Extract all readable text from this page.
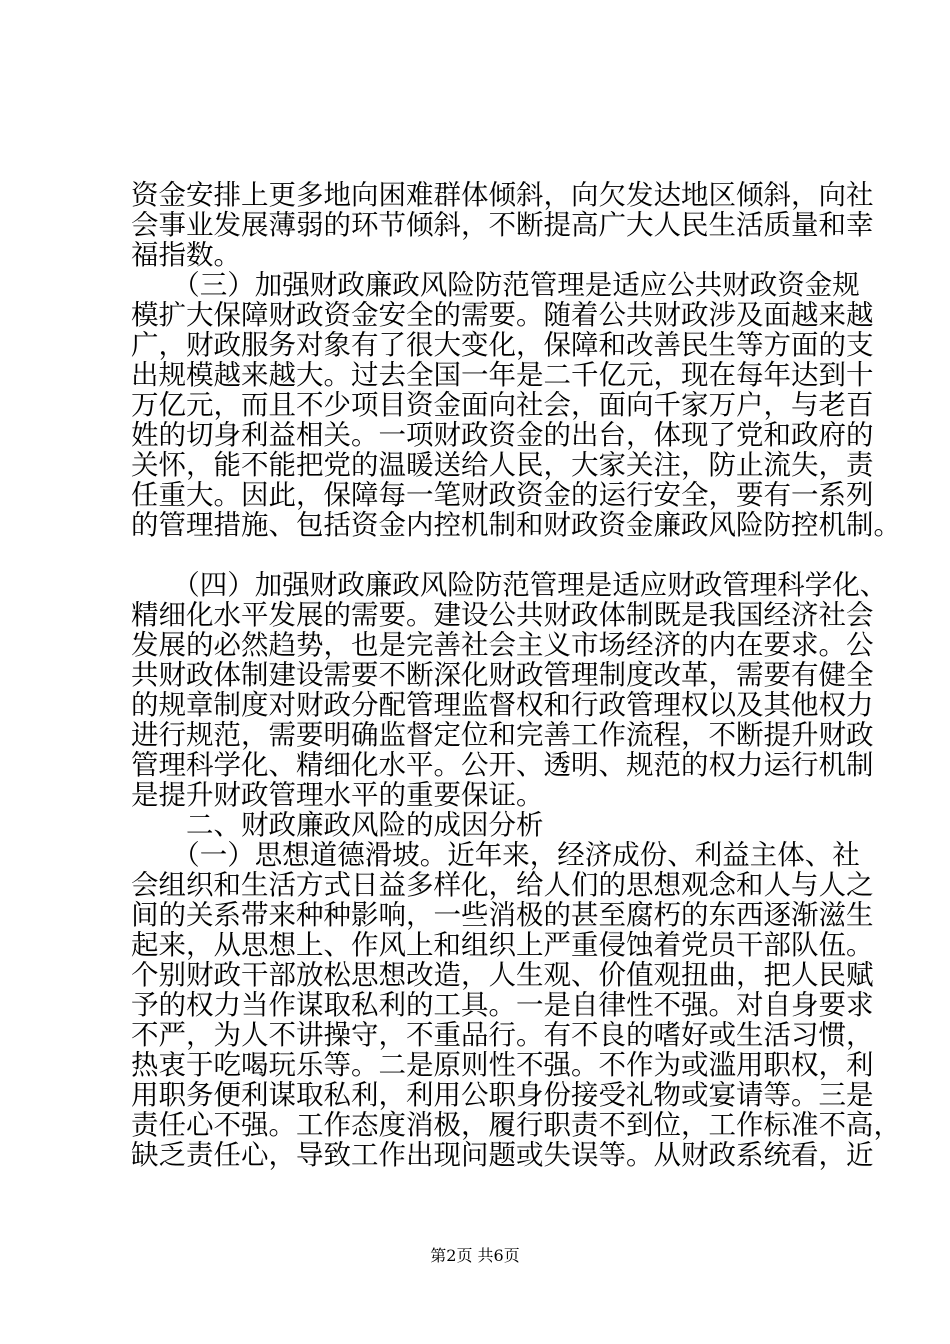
资金安排上更多地向困难群体倾斜，向欠发达地区倾斜，向社
会事业发展薄弱的环节倾斜，不断提高广大人民生活质量和幸
福指数。
　　（三）加强财政廉政风险防范管理是适应公共财政资金规
模扩大保障财政资金安全的需要。随着公共财政涉及面越来越
广，财政服务对象有了很大变化，保障和改善民生等方面的支
出规模越来越大。过去全国一年是二千亿元，现在每年达到十
万亿元，而且不少项目资金面向社会，面向千家万户，与老百
姓的切身利益相关。一项财政资金的出台，体现了党和政府的
关怀，能不能把党的温暖送给人民，大家关注，防止流失，责
任重大。因此，保障每一笔财政资金的运行安全，要有一系列
的管理措施、包括资金内控机制和财政资金廉政风险防控机制。
　　（四）加强财政廉政风险防范管理是适应财政管理科学化、
精细化水平发展的需要。建设公共财政体制既是我国经济社会
发展的必然趋势，也是完善社会主义市场经济的内在要求。公
共财政体制建设需要不断深化财政管理制度改革，需要有健全
的规章制度对财政分配管理监督权和行政管理权以及其他权力
进行规范，需要明确监督定位和完善工作流程，不断提升财政
管理科学化、精细化水平。公开、透明、规范的权力运行机制
是提升财政管理水平的重要保证。
　　二、财政廉政风险的成因分析
　　（一）思想道德滑坡。近年来，经济成份、利益主体、社
会组织和生活方式日益多样化，给人们的思想观念和人与人之
间的关系带来种种影响，一些消极的甚至腐朽的东西逐渐滋生
起来，从思想上、作风上和组织上严重侵蚀着党员干部队伍。
个别财政干部放松思想改造，人生观、价值观扭曲，把人民赋
予的权力当作谋取私利的工具。一是自律性不强。对自身要求
不严，为人不讲操守，不重品行。有不良的嗜好或生活习惯，
热衷于吃喝玩乐等。二是原则性不强。不作为或滥用职权，利
用职务便利谋取私利，利用公职身份接受礼物或宴请等。三是
责任心不强。工作态度消极，履行职责不到位，工作标准不高，
缺乏责任心，导致工作出现问题或失误等。从财政系统看，近
第2页 共6页
